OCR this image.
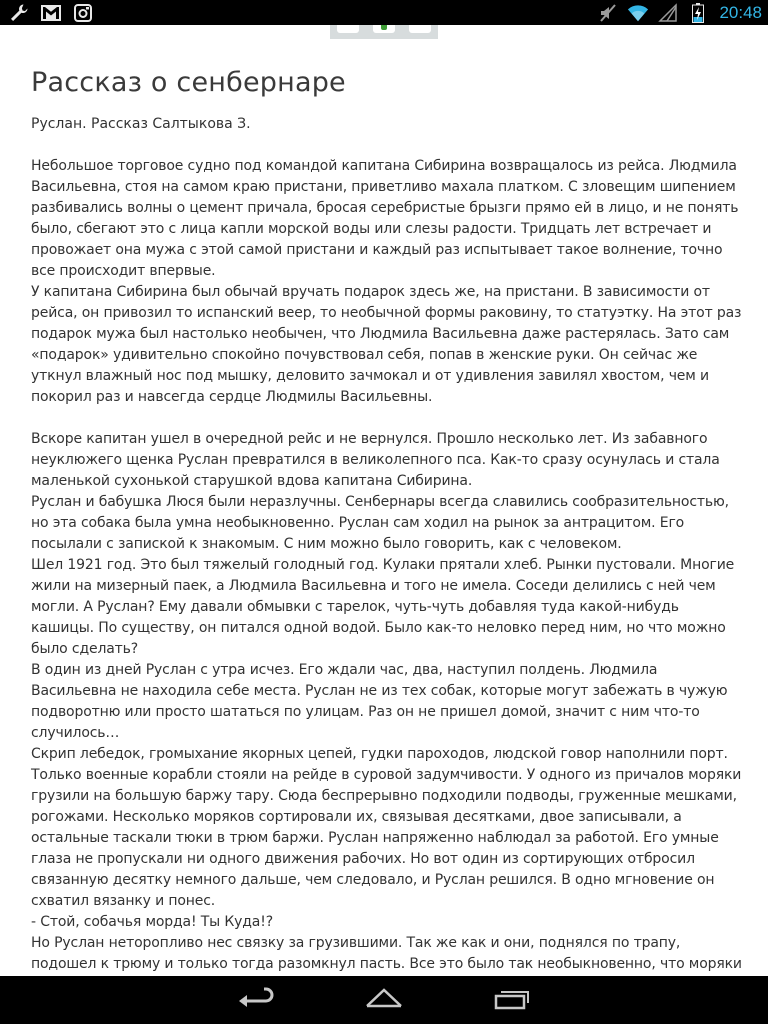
20:48
Рассказ о сенбернаре
Руслан. Рассказ Салтыкова З.

Небольшое торговое судно под командой капитана Сибирина возвращалось из рейса. Людмила Васильевна, стоя на самом краю пристани, приветливо махала платком. С зловещим шипением разбивались волны о цемент причала, бросая серебристые брызги прямо ей в лицо, и не понять было, сбегают это с лица капли морской воды или слезы радости. Тридцать лет встречает и провожает она мужа с этой самой пристани и каждый раз испытывает такое волнение, точно все происходит впервые.

У капитана Сибирина был обычай вручать подарок здесь же, на пристани. В зависимости от рейса, он привозил то испанский веер, то необычной формы раковину, то статуэтку. На этот раз подарок мужа был настолько необычен, что Людмила Васильевна даже растерялась. Зато сам «подарок» удивительно спокойно почувствовал себя, попав в женские руки. Он сейчас же уткнул влажный нос под мышку, деловито зачмокал и от удивления завилял хвостом, чем и покорил раз и навсегда сердце Людмилы Васильевны.

Вскоре капитан ушел в очередной рейс и не вернулся. Прошло несколько лет. Из забавного неуклюжего щенка Руслан превратился в великолепного пса. Как-то сразу осунулась и стала маленькой сухонькой старушкой вдова капитана Сибирина.

Руслан и бабушка Люся были неразлучны. Сенбернары всегда славились сообразительностью, но эта собака была умна необыкновенно. Руслан сам ходил на рынок за антрацитом. Его посылали с запиской к знакомым. С ним можно было говорить, как с человеком.

Шел 1921 год. Это был тяжелый голодный год. Кулаки прятали хлеб. Рынки пустовали. Многие жили на мизерный паек, а Людмила Васильевна и того не имела. Соседи делились с ней чем могли. А Руслан? Ему давали обмывки с тарелок, чуть-чуть добавляя туда какой-нибудь кашицы. По существу, он питался одной водой. Было как-то неловко перед ним, но что можно было сделать?

В один из дней Руслан с утра исчез. Его ждали час, два, наступил полдень. Людмила Васильевна не находила себе места. Руслан не из тех собак, которые могут забежать в чужую подворотню или просто шататься по улицам. Раз он не пришел домой, значит с ним что-то случилось…

Скрип лебедок, громыхание якорных цепей, гудки пароходов, людской говор наполнили порт. Только военные корабли стояли на рейде в суровой задумчивости. У одного из причалов моряки грузили на большую баржу тару. Сюда беспрерывно подходили подводы, груженные мешками, рогожами. Несколько моряков сортировали их, связывая десятками, двое записывали, а остальные таскали тюки в трюм баржи. Руслан напряженно наблюдал за работой. Его умные глаза не пропускали ни одного движения рабочих. Но вот один из сортирующих отбросил связанную десятку немного дальше, чем следовало, и Руслан решился. В одно мгновение он схватил вязанку и понес.

- Стой, собачья морда! Ты Куда!?

Но Руслан неторопливо нес связку за грузившими. Так же как и они, поднялся по трапу, подошел к трюму и только тогда разомкнул пасть. Все это было так необыкновенно, что моряки
